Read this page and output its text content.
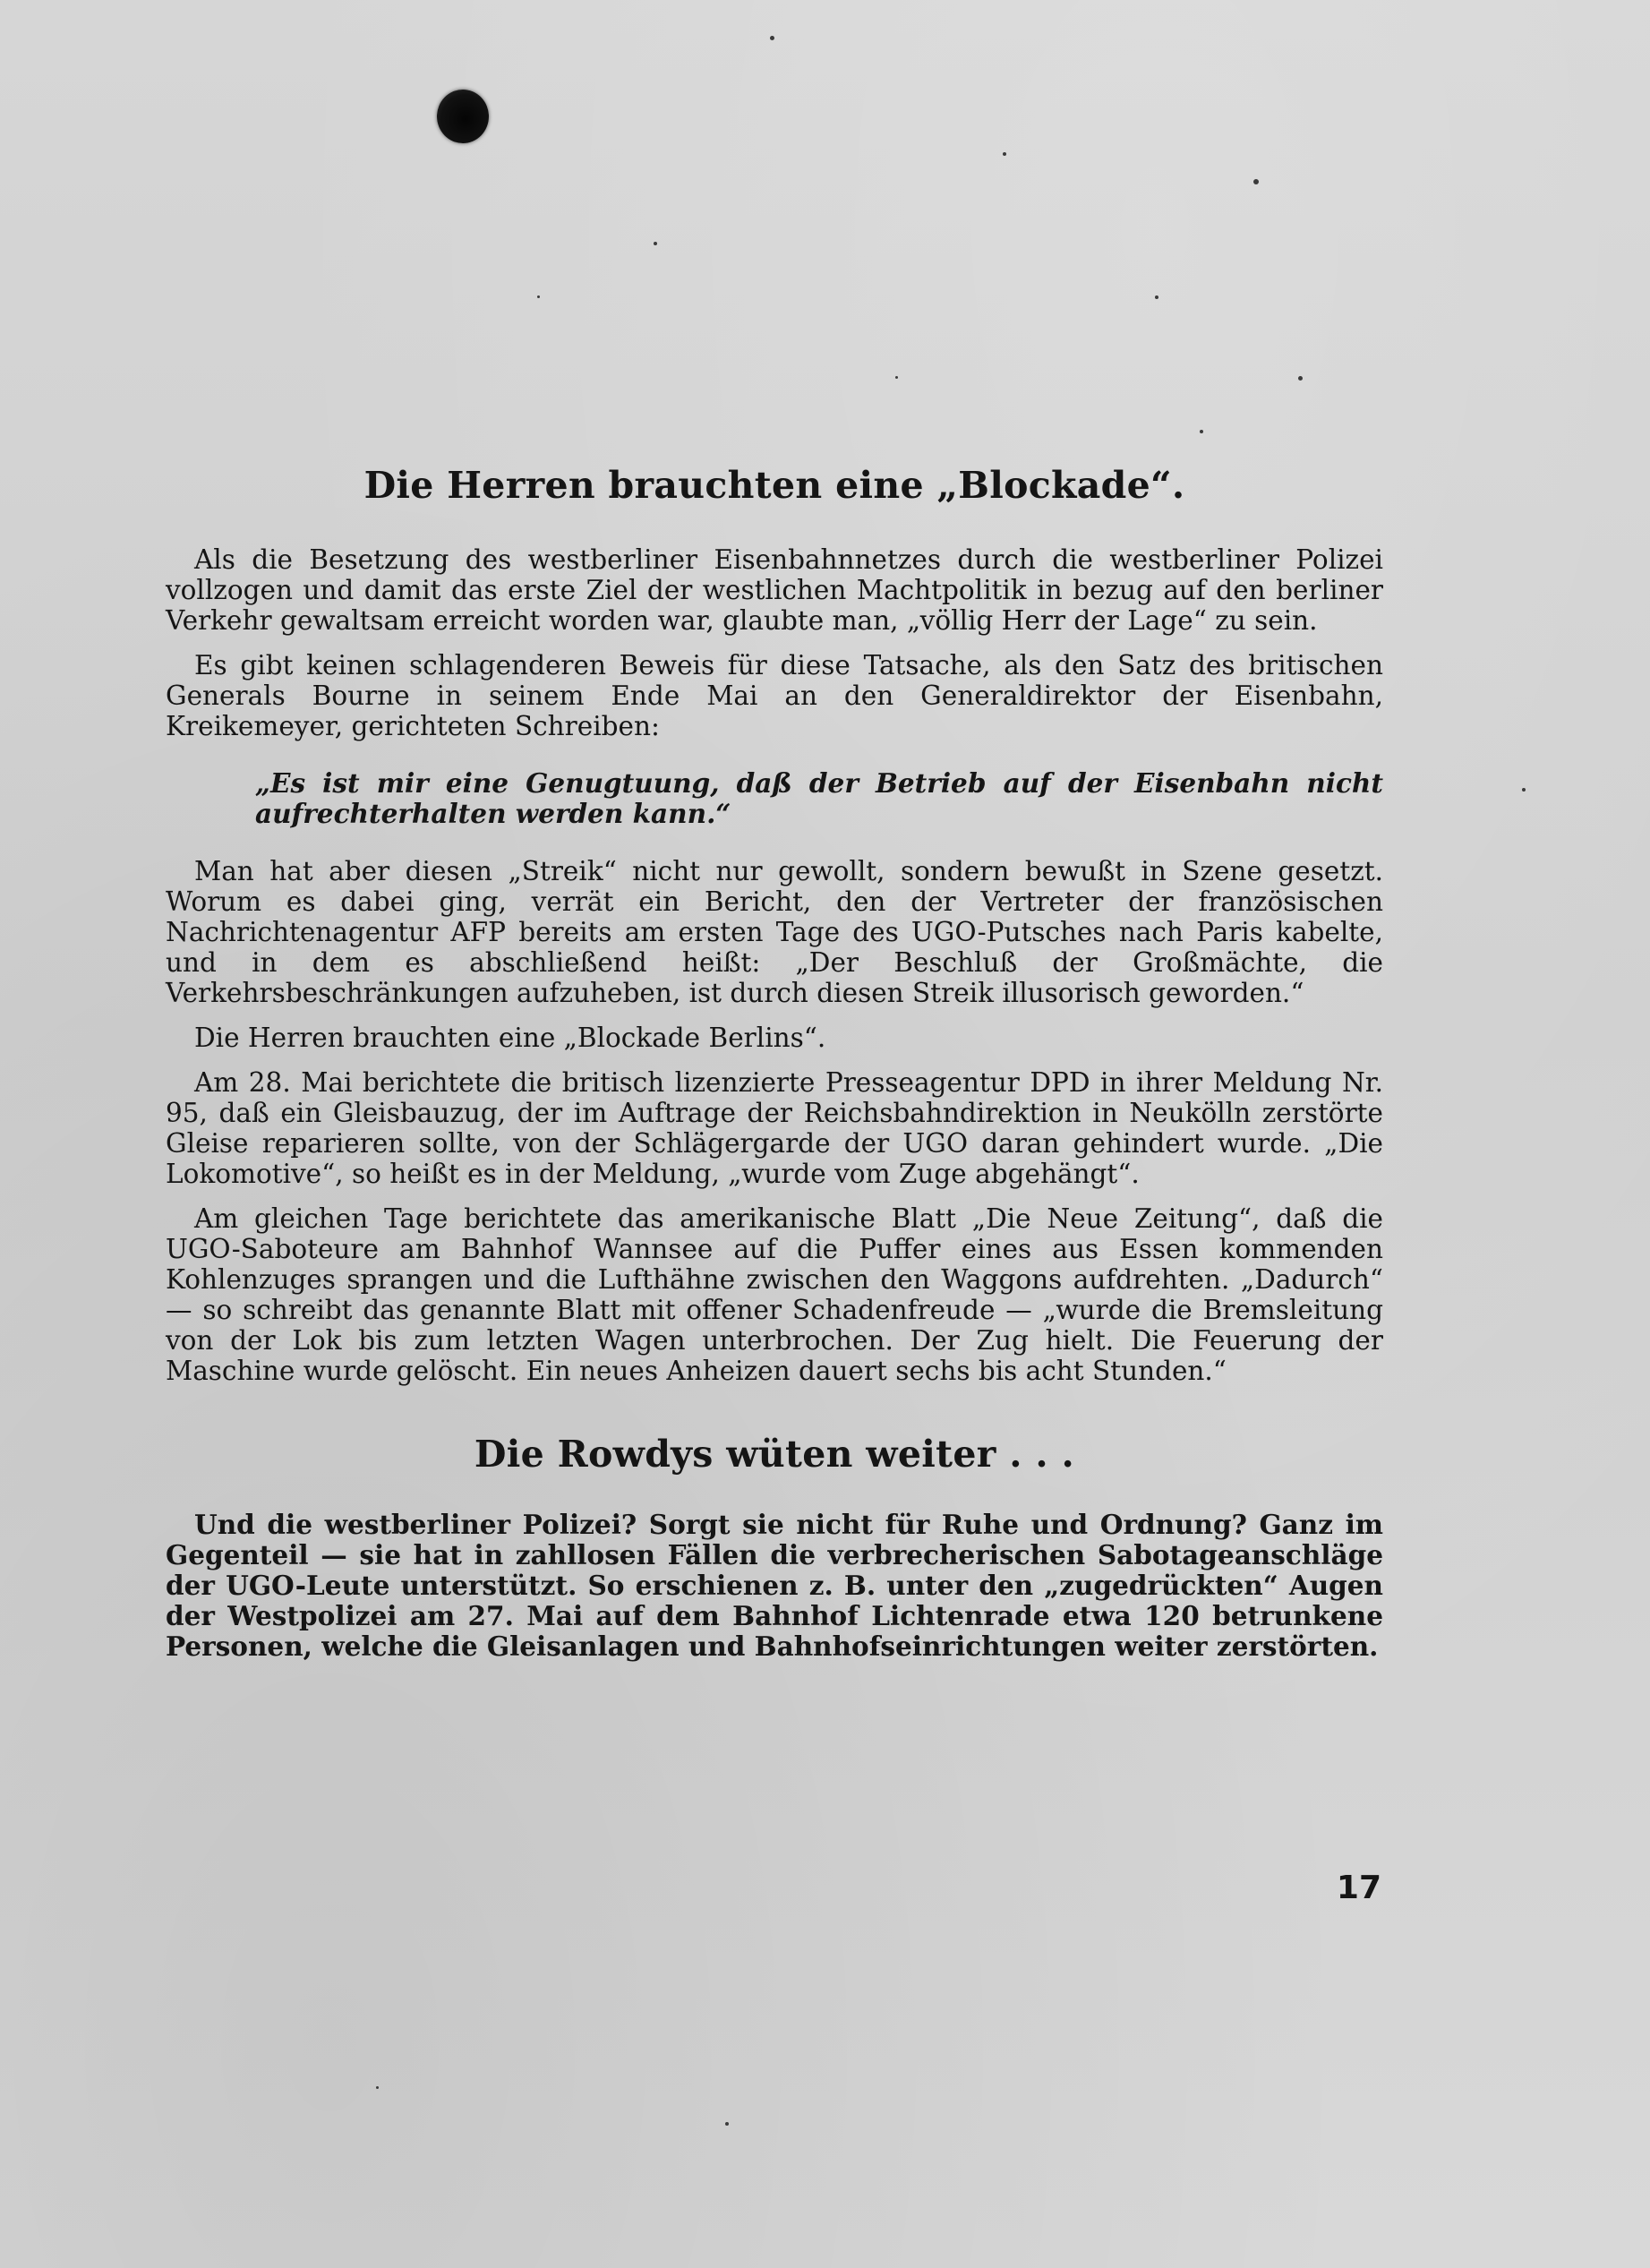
Die Herren brauchten eine „Blockade“.

Als die Besetzung des westberliner Eisenbahnnetzes durch die westberliner Polizei vollzogen und damit das erste Ziel der westlichen Machtpolitik in bezug auf den berliner Verkehr gewaltsam erreicht worden war, glaubte man, „völlig Herr der Lage“ zu sein.

Es gibt keinen schlagenderen Beweis für diese Tatsache, als den Satz des britischen Generals Bourne in seinem Ende Mai an den Generaldirektor der Eisenbahn, Kreikemeyer, gerichteten Schreiben:

„Es ist mir eine Genugtuung, daß der Betrieb auf der Eisenbahn nicht aufrechterhalten werden kann.“

Man hat aber diesen „Streik“ nicht nur gewollt, sondern bewußt in Szene gesetzt. Worum es dabei ging, verrät ein Bericht, den der Vertreter der französischen Nachrichtenagentur AFP bereits am ersten Tage des UGO-Putsches nach Paris kabelte, und in dem es abschließend heißt: „Der Beschluß der Großmächte, die Verkehrsbeschränkungen aufzuheben, ist durch diesen Streik illusorisch geworden.“

Die Herren brauchten eine „Blockade Berlins“.

Am 28. Mai berichtete die britisch lizenzierte Presseagentur DPD in ihrer Meldung Nr. 95, daß ein Gleisbauzug, der im Auftrage der Reichsbahndirektion in Neukölln zerstörte Gleise reparieren sollte, von der Schlägergarde der UGO daran gehindert wurde. „Die Lokomotive“, so heißt es in der Meldung, „wurde vom Zuge abgehängt“.

Am gleichen Tage berichtete das amerikanische Blatt „Die Neue Zeitung“, daß die UGO-Saboteure am Bahnhof Wannsee auf die Puffer eines aus Essen kommenden Kohlenzuges sprangen und die Lufthähne zwischen den Waggons aufdrehten. „Dadurch“ — so schreibt das genannte Blatt mit offener Schadenfreude — „wurde die Bremsleitung von der Lok bis zum letzten Wagen unterbrochen. Der Zug hielt. Die Feuerung der Maschine wurde gelöscht. Ein neues Anheizen dauert sechs bis acht Stunden.“

Die Rowdys wüten weiter . . .

Und die westberliner Polizei? Sorgt sie nicht für Ruhe und Ordnung? Ganz im Gegenteil — sie hat in zahllosen Fällen die verbrecherischen Sabotageanschläge der UGO-Leute unterstützt. So erschienen z. B. unter den „zugedrückten“ Augen der Westpolizei am 27. Mai auf dem Bahnhof Lichtenrade etwa 120 betrunkene Personen, welche die Gleisanlagen und Bahnhofseinrichtungen weiter zerstörten.

17
